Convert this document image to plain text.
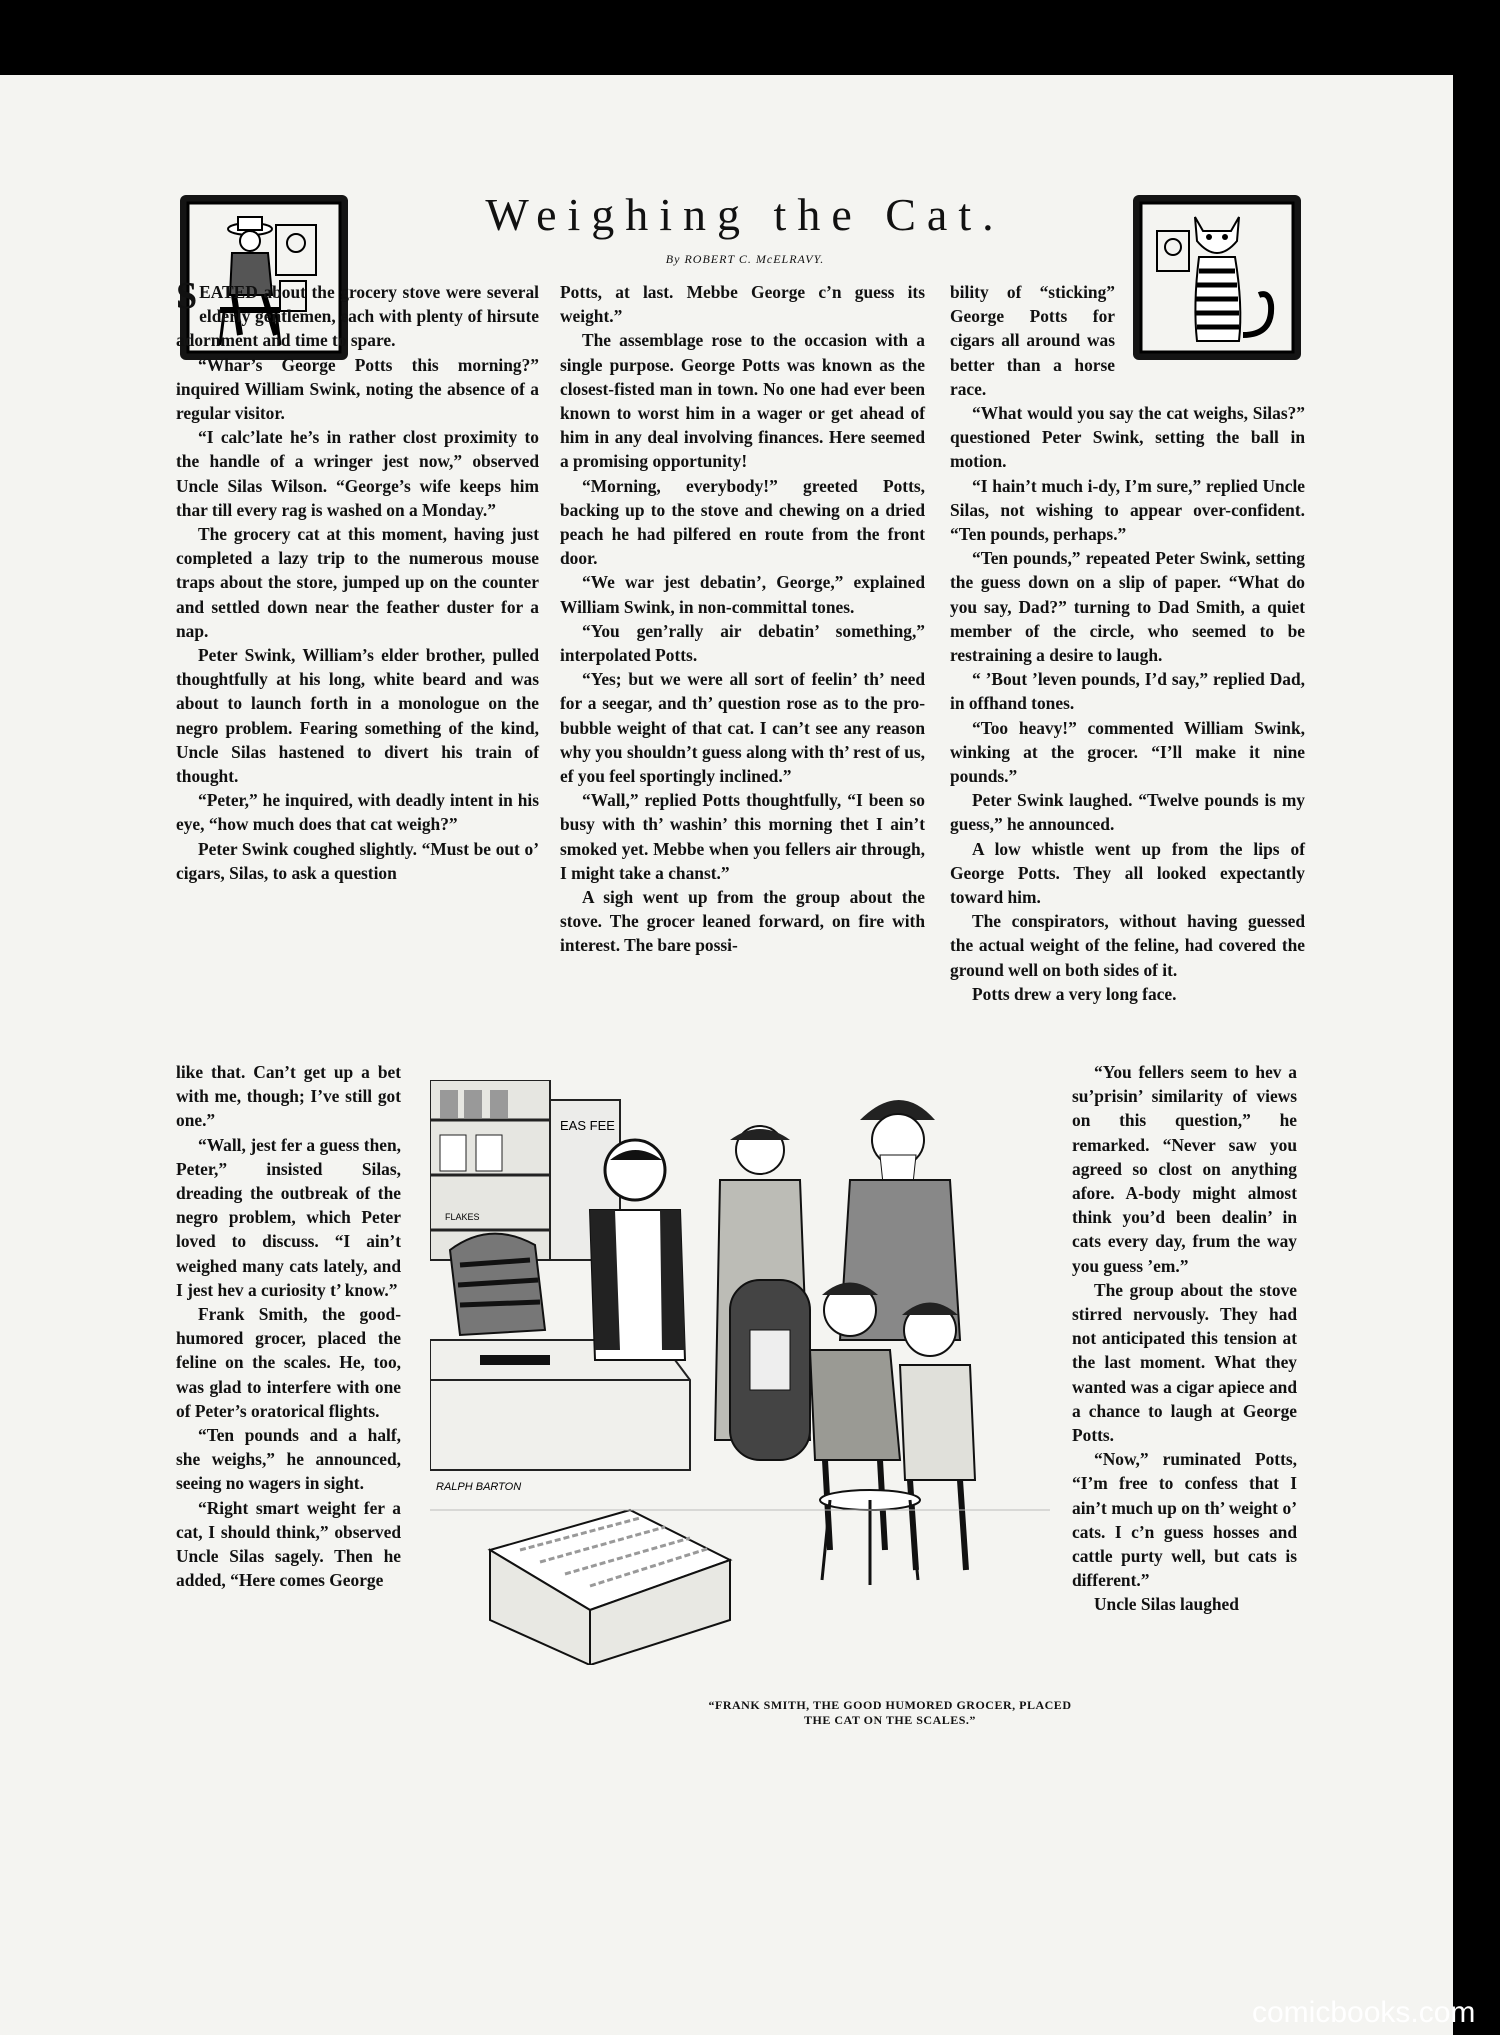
Weighing the Cat.
By ROBERT C. McELRAVY.

SEATED about the grocery stove were several elderly gentlemen, each with plenty of hirsute adornment and time to spare.

“Whar’s George Potts this morning?” inquired William Swink, noting the absence of a regular visitor.

“I calc’late he’s in rather clost proximity to the handle of a wringer jest now,” observed Uncle Silas Wilson. “George’s wife keeps him thar till every rag is washed on a Monday.”

The grocery cat at this moment, having just completed a lazy trip to the numerous mouse traps about the store, jumped up on the counter and settled down near the feather duster for a nap.

Peter Swink, William’s elder brother, pulled thoughtfully at his long, white beard and was about to launch forth in a monologue on the negro problem. Fearing something of the kind, Uncle Silas hastened to divert his train of thought.

“Peter,” he inquired, with deadly intent in his eye, “how much does that cat weigh?”

Peter Swink coughed slightly. “Must be out o’ cigars, Silas, to ask a question

like that. Can’t get up a bet with me, though; I’ve still got one.”

“Wall, jest fer a guess then, Peter,” insisted Silas, dreading the outbreak of the negro problem, which Peter loved to discuss. “I ain’t weighed many cats lately, and I jest hev a curiosity t’ know.”

Frank Smith, the good-humored grocer, placed the feline on the scales. He, too, was glad to interfere with one of Peter’s oratorical flights.

“Ten pounds and a half, she weighs,” he announced, seeing no wagers in sight.

“Right smart weight fer a cat, I should think,” observed Uncle Silas sagely. Then he added, “Here comes George

Potts, at last. Mebbe George c’n guess its weight.”

The assemblage rose to the occasion with a single purpose. George Potts was known as the closest-fisted man in town. No one had ever been known to worst him in a wager or get ahead of him in any deal involving finances. Here seemed a promising opportunity!

“Morning, everybody!” greeted Potts, backing up to the stove and chewing on a dried peach he had pilfered en route from the front door.

“We war jest debatin’, George,” explained William Swink, in non-committal tones.

“You gen’rally air debatin’ something,” interpolated Potts.

“Yes; but we were all sort of feelin’ th’ need for a seegar, and th’ question rose as to the pro-bubble weight of that cat. I can’t see any reason why you shouldn’t guess along with th’ rest of us, ef you feel sportingly inclined.”

“Wall,” replied Potts thoughtfully, “I been so busy with th’ washin’ this morning thet I ain’t smoked yet. Mebbe when you fellers air through, I might take a chanst.”

A sigh went up from the group about the stove. The grocer leaned forward, on fire with interest. The bare possi-

bility of “sticking” George Potts for cigars all around was better than a horse race.

“What would you say the cat weighs, Silas?” questioned Peter Swink, setting the ball in motion.

“I hain’t much i-dy, I’m sure,” replied Uncle Silas, not wishing to appear over-confident. “Ten pounds, perhaps.”

“Ten pounds,” repeated Peter Swink, setting the guess down on a slip of paper. “What do you say, Dad?” turning to Dad Smith, a quiet member of the circle, who seemed to be restraining a desire to laugh.

“ ’Bout ’leven pounds, I’d say,” replied Dad, in offhand tones.

“Too heavy!” commented William Swink, winking at the grocer. “I’ll make it nine pounds.”

Peter Swink laughed. “Twelve pounds is my guess,” he announced.

A low whistle went up from the lips of George Potts. They all looked expectantly toward him.

The conspirators, without having guessed the actual weight of the feline, had covered the ground well on both sides of it.

Potts drew a very long face.

“You fellers seem to hev a su’prisin’ similarity of views on this question,” he remarked. “Never saw you agreed so clost on anything afore. A-body might almost think you’d been dealin’ in cats every day, frum the way you guess ’em.”

The group about the stove stirred nervously. They had not anticipated this tension at the last moment. What they wanted was a cigar apiece and a chance to laugh at George Potts.

“Now,” ruminated Potts, “I’m free to confess that I ain’t much up on th’ weight o’ cats. I c’n guess hosses and cattle purty well, but cats is different.”

Uncle Silas laughed

EAS FEE
FLAKES
RALPH BARTON
“FRANK SMITH, THE GOOD HUMORED GROCER, PLACED THE CAT ON THE SCALES.”
comicbooks.com
